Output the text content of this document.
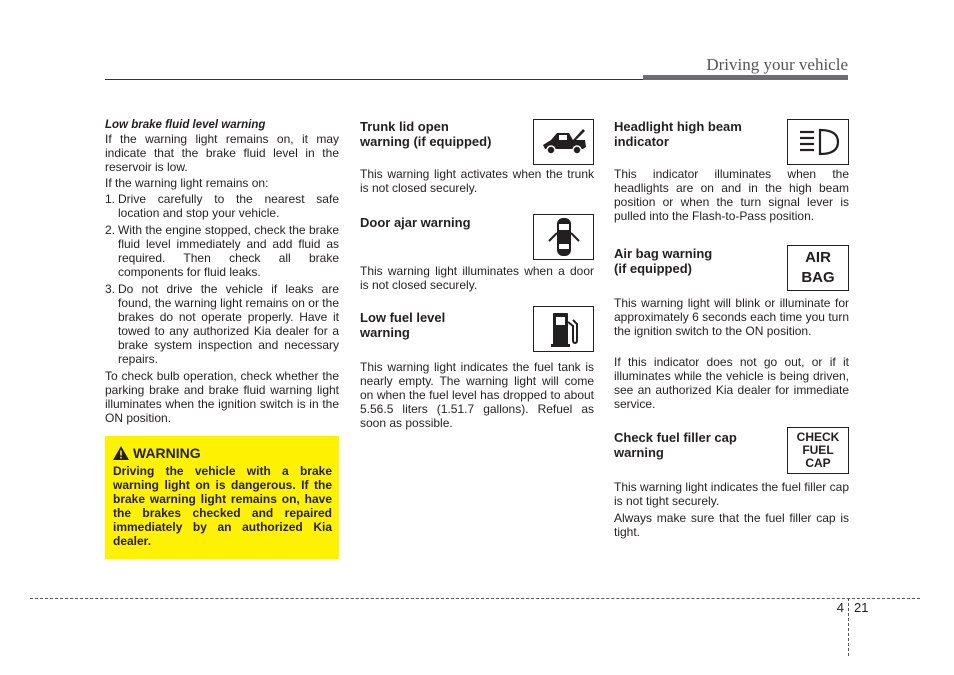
Driving your vehicle

Low brake fluid level warning

If the warning light remains on, it may indicate that the brake fluid level in the reservoir is low.

If the warning light remains on:

1. Drive carefully to the nearest safe location and stop your vehicle.
2. With the engine stopped, check the brake fluid level immediately and add fluid as required. Then check all brake components for fluid leaks.
3. Do not drive the vehicle if leaks are found, the warning light remains on or the brakes do not operate properly. Have it towed to any authorized Kia dealer for a brake system inspection and necessary repairs.

To check bulb operation, check whether the parking brake and brake fluid warning light illuminates when the ignition switch is in the ON position.

WARNING
Driving the vehicle with a brake warning light on is dangerous. If the brake warning light remains on, have the brakes checked and repaired immediately by an authorized Kia dealer.
Trunk lid open
warning (if equipped)

This warning light activates when the trunk is not closed securely.

Door ajar warning

This warning light illuminates when a door is not closed securely.

Low fuel level
warning

This warning light indicates the fuel tank is nearly empty. The warning light will come on when the fuel level has dropped to about 5.56.5 liters (1.51.7 gallons). Refuel as soon as possible.

Headlight high beam
indicator

This indicator illuminates when the headlights are on and in the high beam position or when the turn signal lever is pulled into the Flash-to-Pass position.

Air bag warning
(if equipped)
AIR
BAG

This warning light will blink or illuminate for approximately 6 seconds each time you turn the ignition switch to the ON position.

If this indicator does not go out, or if it illuminates while the vehicle is being driven, see an authorized Kia dealer for immediate service.

Check fuel filler cap
warning
CHECK
FUEL
CAP

This warning light indicates the fuel filler cap is not tight securely.

Always make sure that the fuel filler cap is tight.

4 21
